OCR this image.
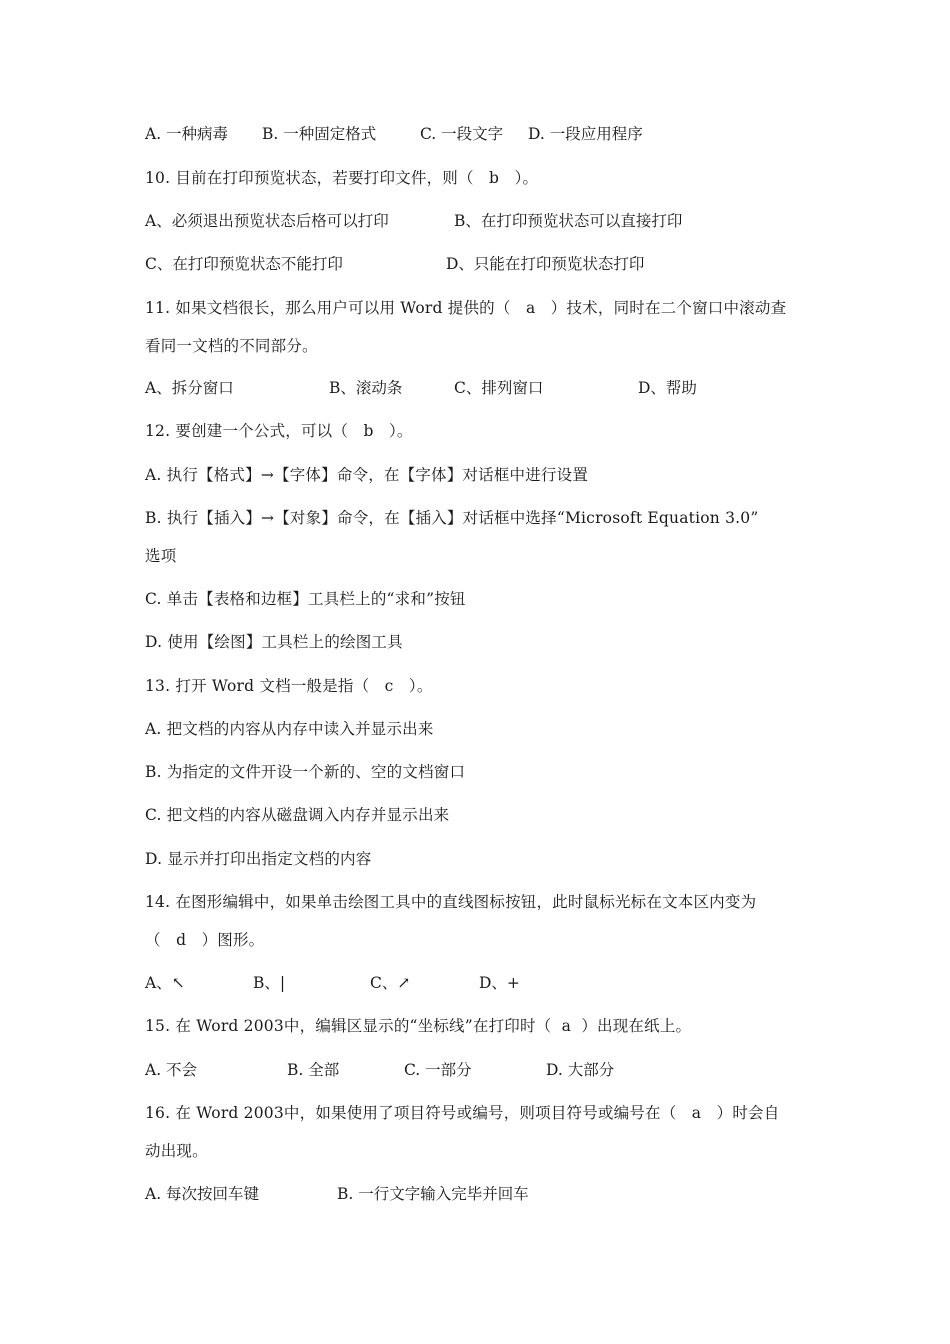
A. 一种病毒 B. 一种固定格式	C. 一段文字 D. 一段应用程序
10. 目前在打印预览状态，若要打印文件，则（   b   ）。
A、必须退出预览状态后格可以打印	B、在打印预览状态可以直接打印
C、在打印预览状态不能打印	D、只能在打印预览状态打印
11. 如果文档很长，那么用户可以用 Word 提供的（   a   ）技术，同时在二个窗口中滚动查
看同一文档的不同部分。
A、拆分窗口	B、滚动条	C、排列窗口	D、帮助
12. 要创建一个公式，可以（   b   ）。
A. 执行【格式】→【字体】命令，在【字体】对话框中进行设置
B. 执行【插入】→【对象】命令，在【插入】对话框中选择“Microsoft Equation 3.0”
选项
C. 单击【表格和边框】工具栏上的“求和”按钮
D. 使用【绘图】工具栏上的绘图工具
13. 打开 Word 文档一般是指（   c   ）。
A. 把文档的内容从内存中读入并显示出来
B. 为指定的文件开设一个新的、空的文档窗口
C. 把文档的内容从磁盘调入内存并显示出来
D. 显示并打印出指定文档的内容
14. 在图形编辑中，如果单击绘图工具中的直线图标按钮，此时鼠标光标在文本区内变为
（   d   ）图形。
A、↖	B、|	C、↗	D、+
15. 在 Word 2003中，编辑区显示的“坐标线”在打印时（  a  ）出现在纸上。
A. 不会	B. 全部	C. 一部分	D. 大部分
16. 在 Word 2003中，如果使用了项目符号或编号，则项目符号或编号在（   a   ）时会自
动出现。
A. 每次按回车键	B. 一行文字输入完毕并回车
